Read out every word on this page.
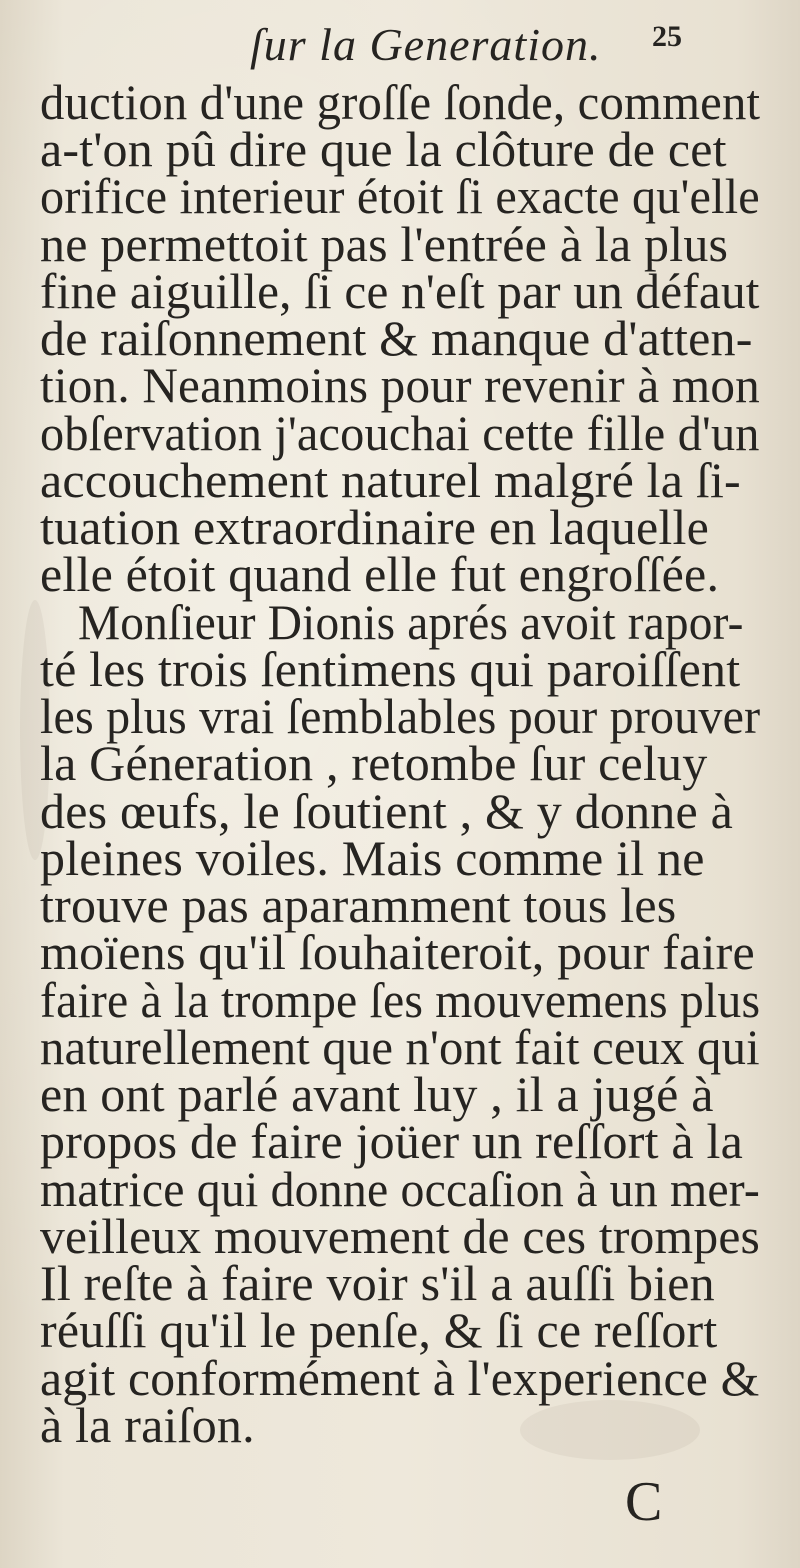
ſur la Generation. 25
duction d'une groſſe ſonde, comment
a-t'on pû dire que la clôture de cet
orifice interieur étoit ſi exacte qu'elle
ne permettoit pas l'entrée à la plus
fine aiguille, ſi ce n'eſt par un défaut
de raiſonnement & manque d'atten-
tion. Neanmoins pour revenir à mon
obſervation j'acouchai cette fille d'un
accouchement naturel malgré la ſi-
tuation extraordinaire en laquelle
elle étoit quand elle fut engroſſée.
Monſieur Dionis aprés avoit rapor-
té les trois ſentimens qui paroiſſent
les plus vrai ſemblables pour prouver
la Géneration , retombe ſur celuy
des œufs, le ſoutient , & y donne à
pleines voiles. Mais comme il ne
trouve pas aparamment tous les
moïens qu'il ſouhaiteroit, pour faire
faire à la trompe ſes mouvemens plus
naturellement que n'ont fait ceux qui
en ont parlé avant luy , il a jugé à
propos de faire joüer un reſſort à la
matrice qui donne occaſion à un mer-
veilleux mouvement de ces trompes
Il reſte à faire voir s'il a auſſi bien
réuſſi qu'il le penſe, & ſi ce reſſort
agit conformément à l'experience &
à la raiſon.
C
